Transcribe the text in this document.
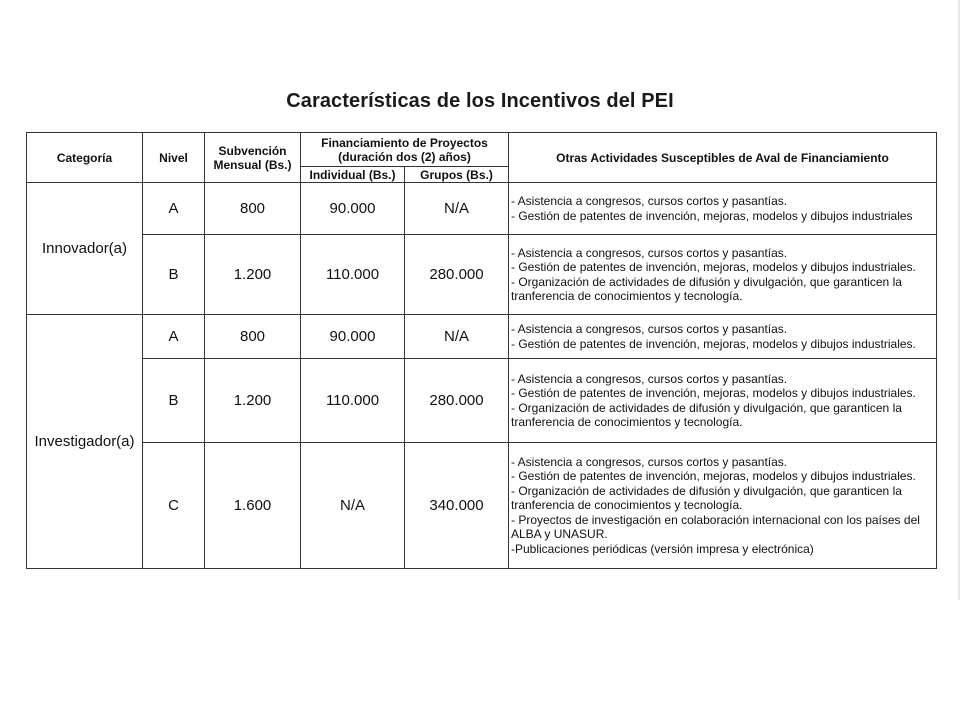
Características de los Incentivos del PEI
Categoría	Nivel	Subvención Mensual (Bs.)	Financiamiento de Proyectos (duración dos (2) años)		Otras Actividades Susceptibles de Aval de Financiamiento
			Individual (Bs.)	Grupos (Bs.)	
Innovador(a)	A	800	90.000	N/A	- Asistencia a congresos, cursos cortos y pasantías.
- Gestión de patentes de invención, mejoras, modelos y dibujos industriales

	B	1.200	110.000	280.000	- Asistencia a congresos, cursos cortos y pasantías.
- Gestión de patentes de invención, mejoras, modelos y dibujos industriales.
- Organización de actividades de difusión y divulgación, que garanticen la tranferencia de conocimientos y tecnología.

Investigador(a)	A	800	90.000	N/A	- Asistencia a congresos, cursos cortos y pasantías.
- Gestión de patentes de invención, mejoras, modelos y dibujos industriales.

	B	1.200	110.000	280.000	- Asistencia a congresos, cursos cortos y pasantías.
- Gestión de patentes de invención, mejoras, modelos y dibujos industriales.
- Organización de actividades de difusión y divulgación, que garanticen la tranferencia de conocimientos y tecnología.

	C	1.600	N/A	340.000	- Asistencia a congresos, cursos cortos y pasantías.
- Gestión de patentes de invención, mejoras, modelos y dibujos industriales.
- Organización de actividades de difusión y divulgación, que garanticen la tranferencia de conocimientos y tecnología.
- Proyectos de investigación en colaboración internacional con los países del ALBA y UNASUR.
-Publicaciones periódicas (versión impresa y electrónica)
